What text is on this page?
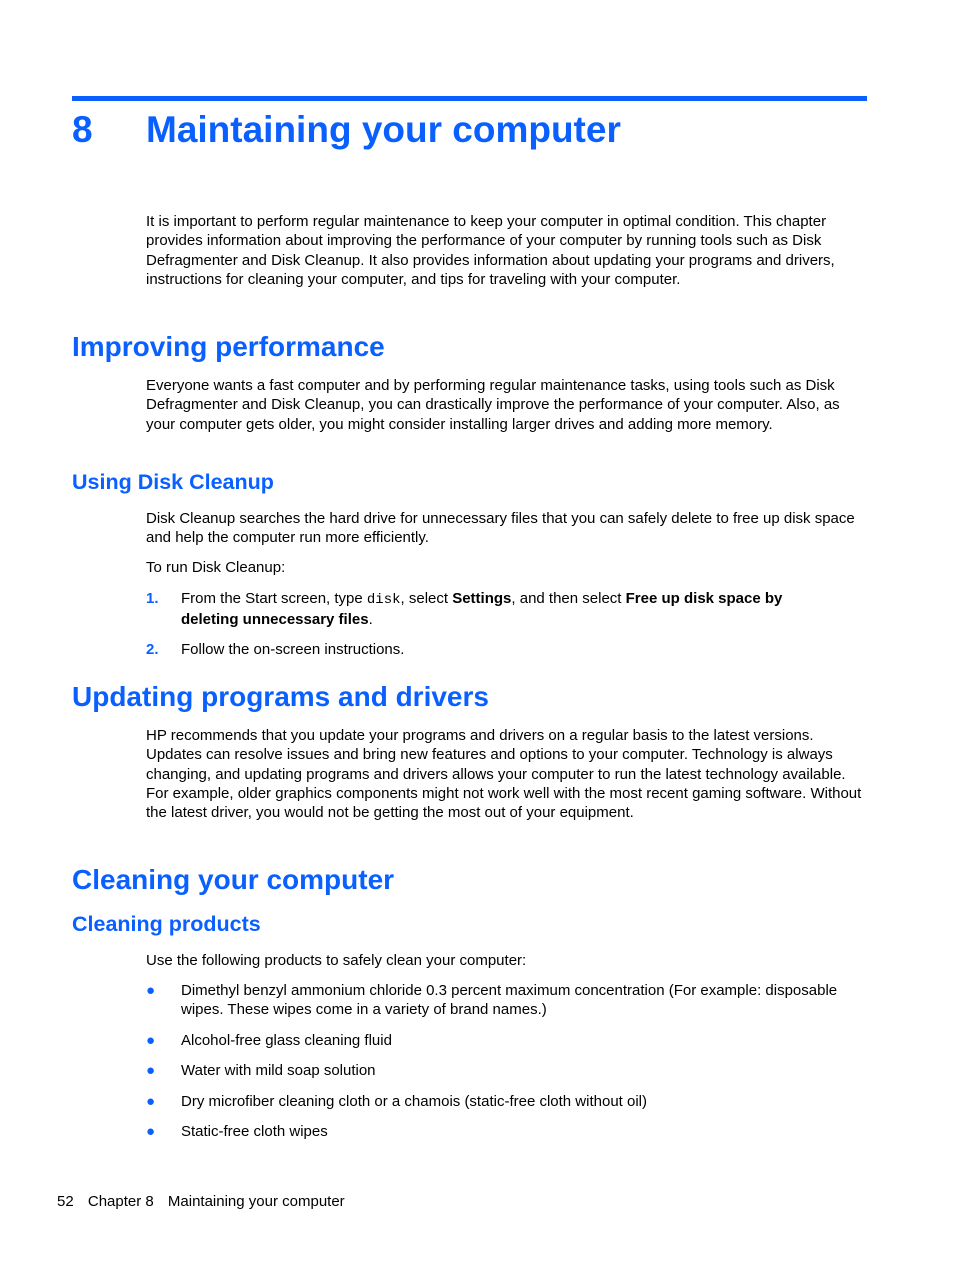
8 Maintaining your computer

It is important to perform regular maintenance to keep your computer in optimal condition. This chapter provides information about improving the performance of your computer by running tools such as Disk Defragmenter and Disk Cleanup. It also provides information about updating your programs and drivers, instructions for cleaning your computer, and tips for traveling with your computer.

Improving performance

Everyone wants a fast computer and by performing regular maintenance tasks, using tools such as Disk Defragmenter and Disk Cleanup, you can drastically improve the performance of your computer. Also, as your computer gets older, you might consider installing larger drives and adding more memory.

Using Disk Cleanup

Disk Cleanup searches the hard drive for unnecessary files that you can safely delete to free up disk space and help the computer run more efficiently.

To run Disk Cleanup:

1. From the Start screen, type disk, select Settings, and then select Free up disk space by deleting unnecessary files.
2. Follow the on-screen instructions.
Updating programs and drivers

HP recommends that you update your programs and drivers on a regular basis to the latest versions. Updates can resolve issues and bring new features and options to your computer. Technology is always changing, and updating programs and drivers allows your computer to run the latest technology available. For example, older graphics components might not work well with the most recent gaming software. Without the latest driver, you would not be getting the most out of your equipment.

Cleaning your computer
Cleaning products

Use the following products to safely clean your computer:

● Dimethyl benzyl ammonium chloride 0.3 percent maximum concentration (For example: disposable wipes. These wipes come in a variety of brand names.)
● Alcohol-free glass cleaning fluid
● Water with mild soap solution
● Dry microfiber cleaning cloth or a chamois (static-free cloth without oil)
● Static-free cloth wipes
52 Chapter 8 Maintaining your computer
